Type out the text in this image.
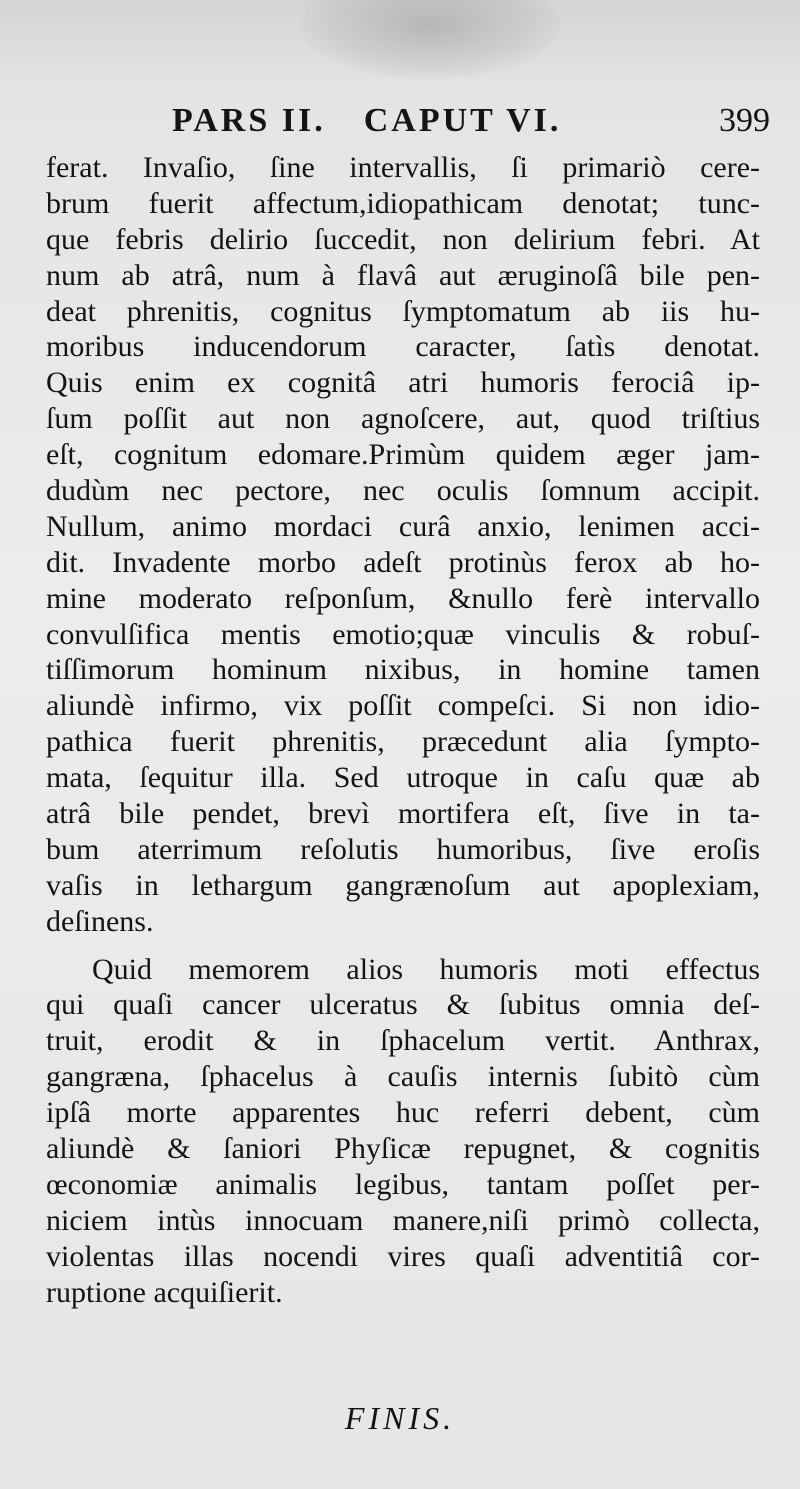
PARS II. CAPUT VI.	399
ferat. Invaſio, ſine intervallis, ſi primariò cere-
brum fuerit affectum,idiopathicam denotat; tunc-
que febris delirio ſuccedit, non delirium febri. At
num ab atrâ, num à flavâ aut æruginoſâ bile pen-
deat phrenitis, cognitus ſymptomatum ab iis hu-
moribus inducendorum caracter, ſatìs denotat.
Quis enim ex cognitâ atri humoris ferociâ ip-
ſum poſſit aut non agnoſcere, aut, quod triſtius
eſt, cognitum edomare.Primùm quidem æger jam-
dudùm nec pectore, nec oculis ſomnum accipit.
Nullum, animo mordaci curâ anxio, lenimen acci-
dit. Invadente morbo adeſt protinùs ferox ab ho-
mine moderato reſponſum, &nullo ferè intervallo
convulſifica mentis emotio;quæ vinculis & robuſ-
tiſſimorum hominum nixibus, in homine tamen
aliundè infirmo, vix poſſit compeſci. Si non idio-
pathica fuerit phrenitis, præcedunt alia ſympto-
mata, ſequitur illa. Sed utroque in caſu quæ ab
atrâ bile pendet, brevì mortifera eſt, ſive in ta-
bum aterrimum reſolutis humoribus, ſive eroſis
vaſis in lethargum gangrænoſum aut apoplexiam,
deſinens.
Quid memorem alios humoris moti effectus
qui quaſi cancer ulceratus & ſubitus omnia deſ-
truit, erodit & in ſphacelum vertit. Anthrax,
gangræna, ſphacelus à cauſis internis ſubitò cùm
ipſâ morte apparentes huc referri debent, cùm
aliundè & ſaniori Phyſicæ repugnet, & cognitis
œconomiæ animalis legibus, tantam poſſet per-
niciem intùs innocuam manere,niſi primò collecta,
violentas illas nocendi vires quaſi adventitiâ cor-
ruptione acquiſierit.
FINIS.
